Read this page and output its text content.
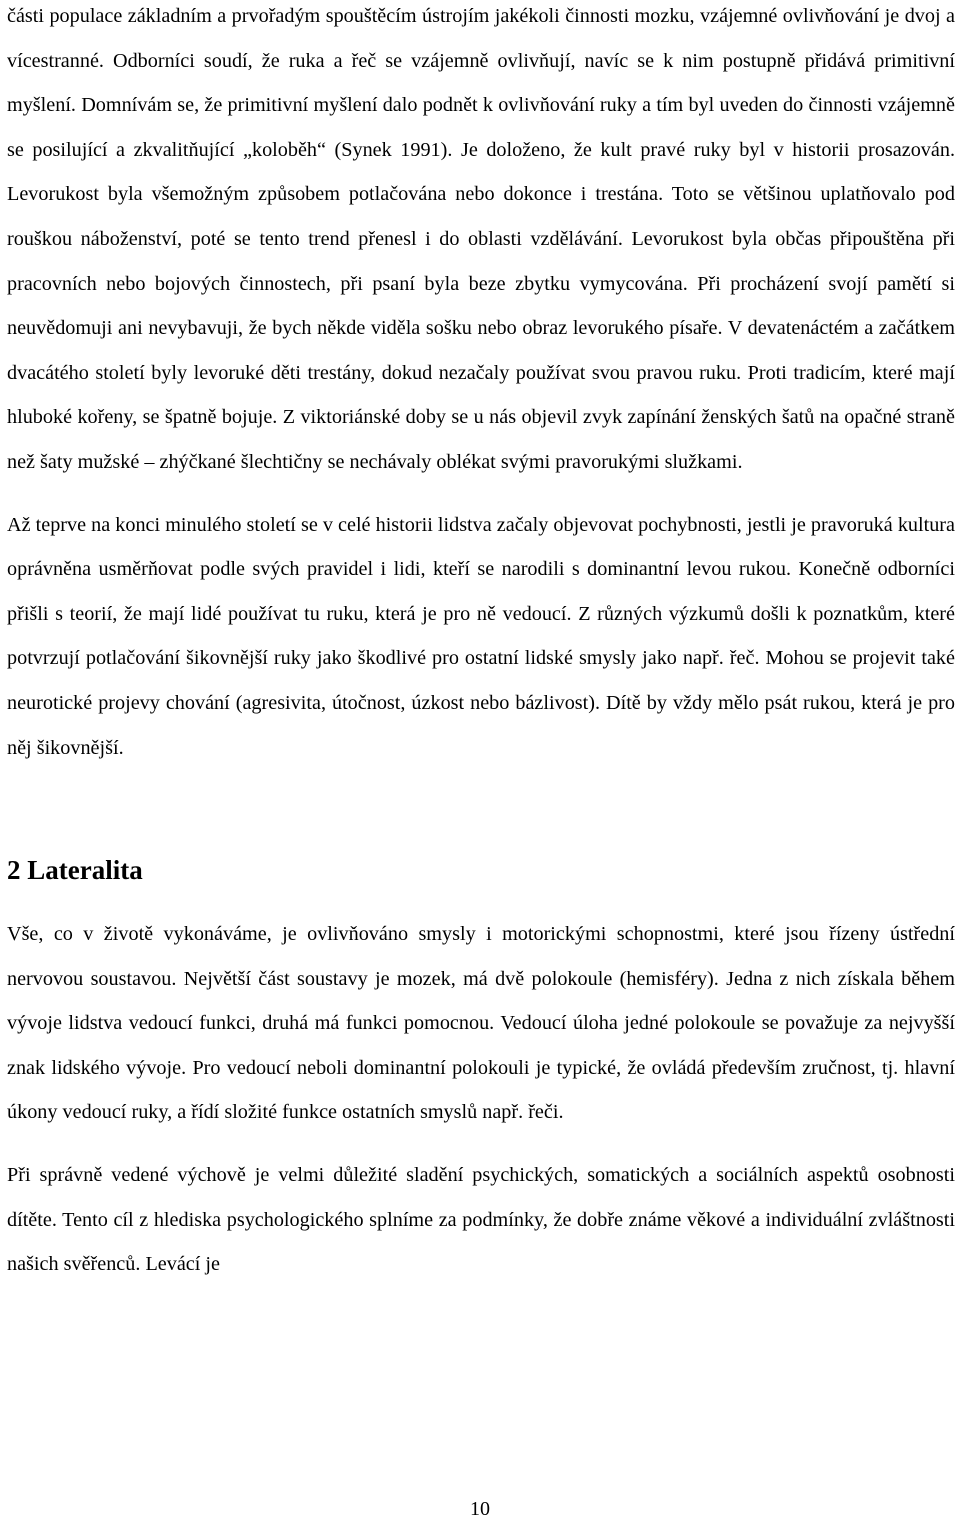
části populace základním a prvořadým spouštěcím ústrojím jakékoli činnosti mozku, vzájemné ovlivňování je dvoj a vícestranné. Odborníci soudí, že ruka a řeč se vzájemně ovlivňují, navíc se k nim postupně přidává primitivní myšlení. Domnívám se, že primitivní myšlení dalo podnět k ovlivňování ruky a tím byl uveden do činnosti vzájemně se posilující a zkvalitňující „koloběh“ (Synek 1991). Je doloženo, že kult pravé ruky byl v historii prosazován. Levorukost byla všemožným způsobem potlačována nebo dokonce i trestána. Toto se většinou uplatňovalo pod rouškou náboženství, poté se tento trend přenesl i do oblasti vzdělávání. Levorukost byla občas připouštěna při pracovních nebo bojových činnostech, při psaní byla beze zbytku vymycována. Při procházení svojí pamětí si neuvědomuji ani nevybavuji, že bych někde viděla sošku nebo obraz levorukého písaře. V devatenáctém a začátkem dvacátého století byly levoruké děti trestány, dokud nezačaly používat svou pravou ruku. Proti tradicím, které mají hluboké kořeny, se špatně bojuje. Z viktoriánské doby se u nás objevil zvyk zapínání ženských šatů na opačné straně než šaty mužské – zhýčkané šlechtičny se nechávaly oblékat svými pravorukými služkami.

Až teprve na konci minulého století se v celé historii lidstva začaly objevovat pochybnosti, jestli je pravoruká kultura oprávněna usměrňovat podle svých pravidel i lidi, kteří se narodili s dominantní levou rukou. Konečně odborníci přišli s teorií, že mají lidé používat tu ruku, která je pro ně vedoucí. Z různých výzkumů došli k poznatkům, které potvrzují potlačování šikovnější ruky jako škodlivé pro ostatní lidské smysly jako např. řeč. Mohou se projevit také neurotické projevy chování (agresivita, útočnost, úzkost nebo bázlivost). Dítě by vždy mělo psát rukou, která je pro něj šikovnější.

2 Lateralita

Vše, co v životě vykonáváme, je ovlivňováno smysly i motorickými schopnostmi, které jsou řízeny ústřední nervovou soustavou. Největší část soustavy je mozek, má dvě polokoule (hemisféry). Jedna z nich získala během vývoje lidstva vedoucí funkci, druhá má funkci pomocnou. Vedoucí úloha jedné polokoule se považuje za nejvyšší znak lidského vývoje. Pro vedoucí neboli dominantní polokouli je typické, že ovládá především zručnost, tj. hlavní úkony vedoucí ruky, a řídí složité funkce ostatních smyslů např. řeči.

Při správně vedené výchově je velmi důležité sladění psychických, somatických a sociálních aspektů osobnosti dítěte. Tento cíl z hlediska psychologického splníme za podmínky, že dobře známe věkové a individuální zvláštnosti našich svěřenců. Levácí je

10
